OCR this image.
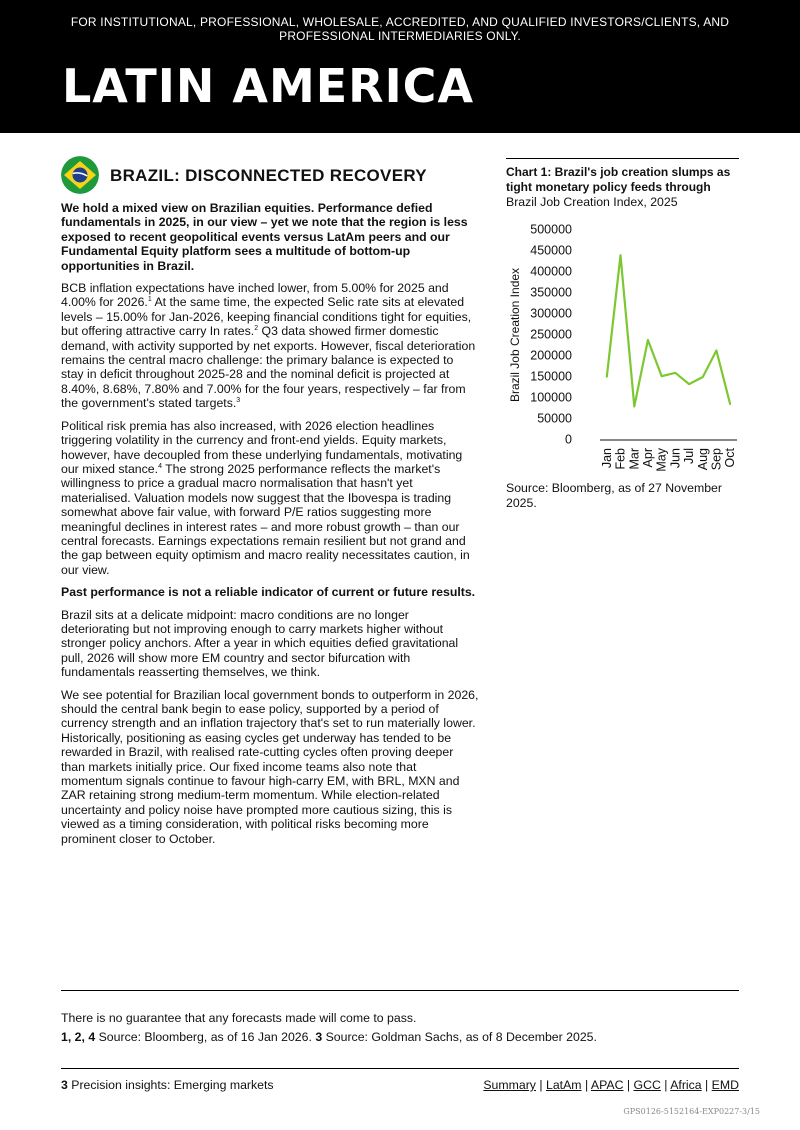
FOR INSTITUTIONAL, PROFESSIONAL, WHOLESALE, ACCREDITED, AND QUALIFIED INVESTORS/CLIENTS, AND PROFESSIONAL INTERMEDIARIES ONLY.
LATIN AMERICA
BRAZIL: DISCONNECTED RECOVERY

We hold a mixed view on Brazilian equities. Performance defied fundamentals in 2025, in our view – yet we note that the region is less exposed to recent geopolitical events versus LatAm peers and our Fundamental Equity platform sees a multitude of bottom-up opportunities in Brazil.

BCB inflation expectations have inched lower, from 5.00% for 2025 and 4.00% for 2026.$^1$ At the same time, the expected Selic rate sits at elevated levels – 15.00% for Jan-2026, keeping financial conditions tight for equities, but offering attractive carry In rates.$^2$ Q3 data showed firmer domestic demand, with activity supported by net exports. However, fiscal deterioration remains the central macro challenge: the primary balance is expected to stay in deficit throughout 2025-28 and the nominal deficit is projected at 8.40%, 8.68%, 7.80% and 7.00% for the four years, respectively – far from the government's stated targets.$^3$

Political risk premia has also increased, with 2026 election headlines triggering volatility in the currency and front-end yields. Equity markets, however, have decoupled from these underlying fundamentals, motivating our mixed stance.$^4$ The strong 2025 performance reflects the market's willingness to price a gradual macro normalisation that hasn't yet materialised. Valuation models now suggest that the Ibovespa is trading somewhat above fair value, with forward P/E ratios suggesting more meaningful declines in interest rates – and more robust growth – than our central forecasts. Earnings expectations remain resilient but not grand and the gap between equity optimism and macro reality necessitates caution, in our view.

Past performance is not a reliable indicator of current or future results.

Brazil sits at a delicate midpoint: macro conditions are no longer deteriorating but not improving enough to carry markets higher without stronger policy anchors. After a year in which equities defied gravitational pull, 2026 will show more EM country and sector bifurcation with fundamentals reasserting themselves, we think.

We see potential for Brazilian local government bonds to outperform in 2026, should the central bank begin to ease policy, supported by a period of currency strength and an inflation trajectory that's set to run materially lower. Historically, positioning as easing cycles get underway has tended to be rewarded in Brazil, with realised rate-cutting cycles often proving deeper than markets initially price. Our fixed income teams also note that momentum signals continue to favour high-carry EM, with BRL, MXN and ZAR retaining strong medium-term momentum. While election-related uncertainty and policy noise have prompted more cautious sizing, this is viewed as a timing consideration, with political risks becoming more prominent closer to October.

Chart 1: Brazil's job creation slumps as tight monetary policy feeds through
Brazil Job Creation Index, 2025
Brazil Job Creation Index
0
50000
100000
150000
200000
250000
300000
350000
400000
450000
500000
Jan Feb Mar Apr May Jun Jul Aug Sep Oct
Source: Bloomberg, as of 27 November 2025.
There is no guarantee that any forecasts made will come to pass.
1, 2, 4 Source: Bloomberg, as of 16 Jan 2026. 3 Source: Goldman Sachs, as of 8 December 2025.
3 Precision insights: Emerging markets	Summary | LatAm | APAC | GCC | Africa | EMD
GPS0126-5152164-EXP0227-3/15
